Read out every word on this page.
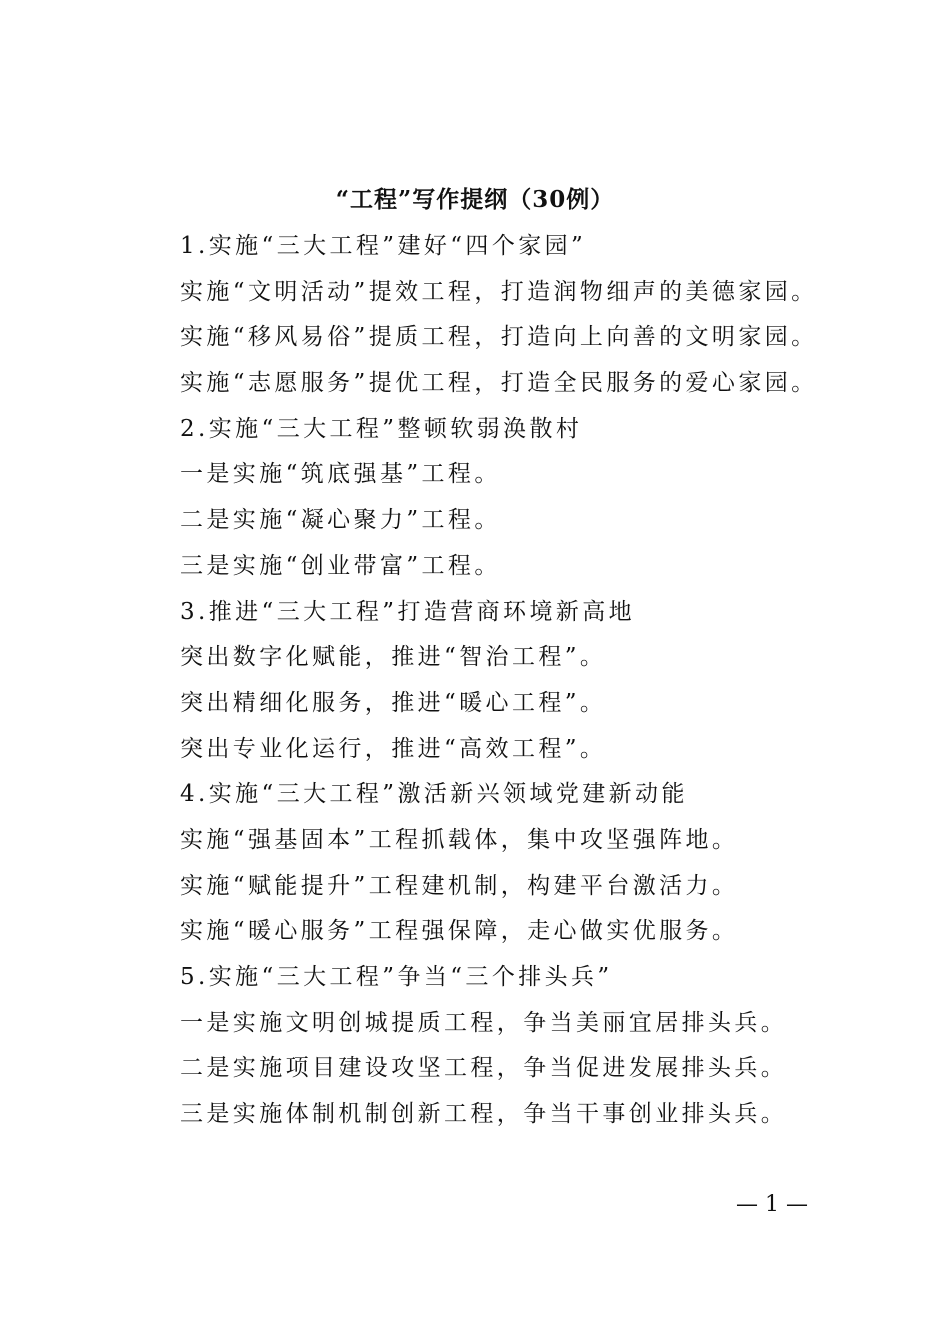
“工程”写作提纲（30例）
1.实施“三大工程”建好“四个家园”
实施“文明活动”提效工程，打造润物细声的美德家园。
实施“移风易俗”提质工程，打造向上向善的文明家园。
实施“志愿服务”提优工程，打造全民服务的爱心家园。
2.实施“三大工程”整顿软弱涣散村
一是实施“筑底强基”工程。
二是实施“凝心聚力”工程。
三是实施“创业带富”工程。
3.推进“三大工程”打造营商环境新高地
突出数字化赋能，推进“智治工程”。
突出精细化服务，推进“暖心工程”。
突出专业化运行，推进“高效工程”。
4.实施“三大工程”激活新兴领域党建新动能
实施“强基固本”工程抓载体，集中攻坚强阵地。
实施“赋能提升”工程建机制，构建平台激活力。
实施“暖心服务”工程强保障，走心做实优服务。
5.实施“三大工程”争当“三个排头兵”
一是实施文明创城提质工程，争当美丽宜居排头兵。
二是实施项目建设攻坚工程，争当促进发展排头兵。
三是实施体制机制创新工程，争当干事创业排头兵。
— 1 —
